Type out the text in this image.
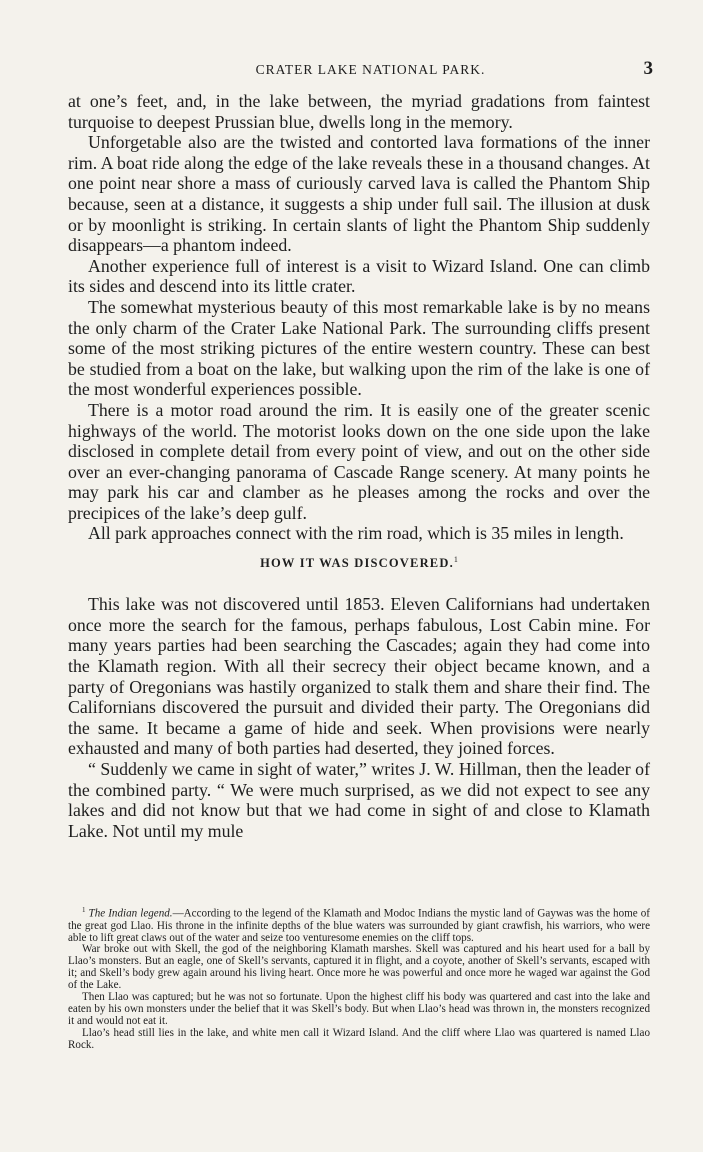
CRATER LAKE NATIONAL PARK.	3

at one’s feet, and, in the lake between, the myriad gradations from faintest turquoise to deepest Prussian blue, dwells long in the memory.

Unforgetable also are the twisted and contorted lava formations of the inner rim. A boat ride along the edge of the lake reveals these in a thousand changes. At one point near shore a mass of curiously carved lava is called the Phantom Ship because, seen at a distance, it suggests a ship under full sail. The illusion at dusk or by moonlight is striking. In certain slants of light the Phantom Ship suddenly disappears—a phantom indeed.

Another experience full of interest is a visit to Wizard Island. One can climb its sides and descend into its little crater.

The somewhat mysterious beauty of this most remarkable lake is by no means the only charm of the Crater Lake National Park. The surrounding cliffs present some of the most striking pictures of the entire western country. These can best be studied from a boat on the lake, but walking upon the rim of the lake is one of the most wonderful experiences possible.

There is a motor road around the rim. It is easily one of the greater scenic highways of the world. The motorist looks down on the one side upon the lake disclosed in complete detail from every point of view, and out on the other side over an ever-changing panorama of Cascade Range scenery. At many points he may park his car and clamber as he pleases among the rocks and over the precipices of the lake’s deep gulf.

All park approaches connect with the rim road, which is 35 miles in length.

HOW IT WAS DISCOVERED.$^1$

This lake was not discovered until 1853. Eleven Californians had undertaken once more the search for the famous, perhaps fabulous, Lost Cabin mine. For many years parties had been searching the Cascades; again they had come into the Klamath region. With all their secrecy their object became known, and a party of Oregonians was hastily organized to stalk them and share their find. The Californians discovered the pursuit and divided their party. The Oregonians did the same. It became a game of hide and seek. When provisions were nearly exhausted and many of both parties had deserted, they joined forces.

“ Suddenly we came in sight of water,” writes J. W. Hillman, then the leader of the combined party. “ We were much surprised, as we did not expect to see any lakes and did not know but that we had come in sight of and close to Klamath Lake. Not until my mule

$^1$ The Indian legend.—According to the legend of the Klamath and Modoc Indians the mystic land of Gaywas was the home of the great god Llao. His throne in the infinite depths of the blue waters was surrounded by giant crawfish, his warriors, who were able to lift great claws out of the water and seize too venturesome enemies on the cliff tops.

War broke out with Skell, the god of the neighboring Klamath marshes. Skell was captured and his heart used for a ball by Llao’s monsters. But an eagle, one of Skell’s servants, captured it in flight, and a coyote, another of Skell’s servants, escaped with it; and Skell’s body grew again around his living heart. Once more he was powerful and once more he waged war against the God of the Lake.

Then Llao was captured; but he was not so fortunate. Upon the highest cliff his body was quartered and cast into the lake and eaten by his own monsters under the belief that it was Skell’s body. But when Llao’s head was thrown in, the monsters recognized it and would not eat it.

Llao’s head still lies in the lake, and white men call it Wizard Island. And the cliff where Llao was quartered is named Llao Rock.
